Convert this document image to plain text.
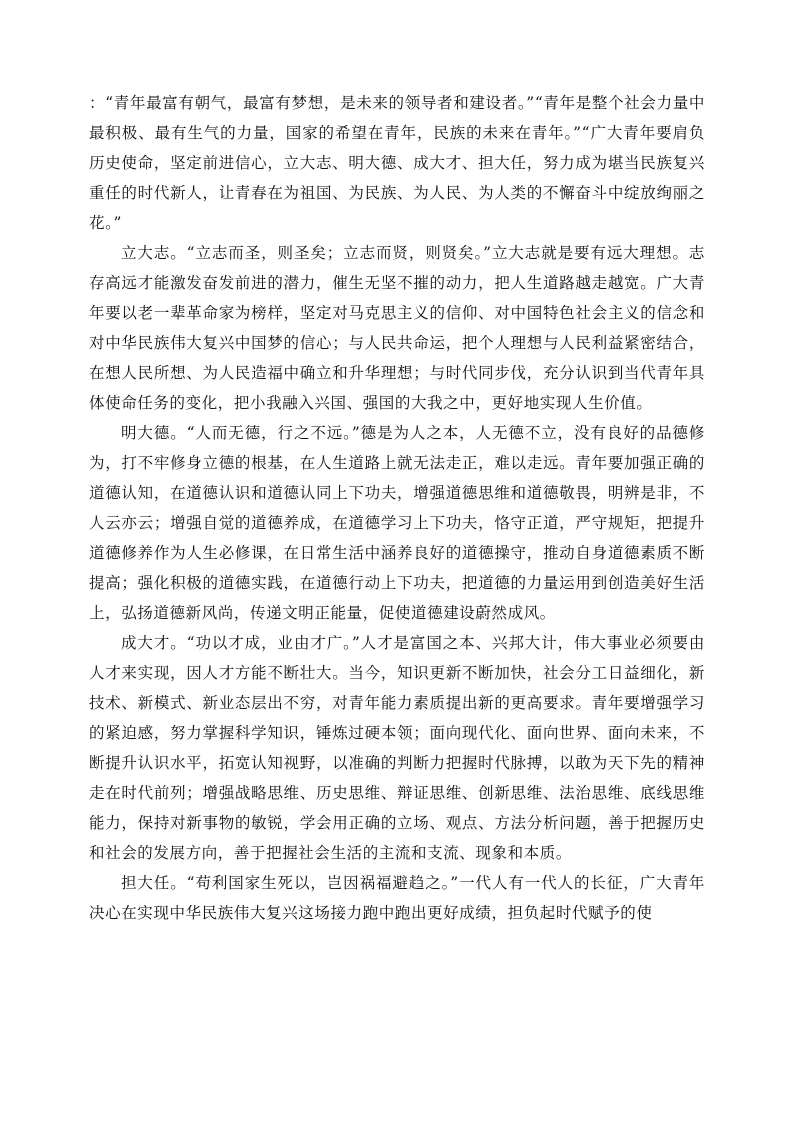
：“青年最富有朝气，最富有梦想，是未来的领导者和建设者。”“青年是整个社会力量中最积极、最有生气的力量，国家的希望在青年，民族的未来在青年。”“广大青年要肩负历史使命，坚定前进信心，立大志、明大德、成大才、担大任，努力成为堪当民族复兴重任的时代新人，让青春在为祖国、为民族、为人民、为人类的不懈奋斗中绽放绚丽之花。”

立大志。“立志而圣，则圣矣；立志而贤，则贤矣。”立大志就是要有远大理想。志存高远才能激发奋发前进的潜力，催生无坚不摧的动力，把人生道路越走越宽。广大青年要以老一辈革命家为榜样，坚定对马克思主义的信仰、对中国特色社会主义的信念和对中华民族伟大复兴中国梦的信心；与人民共命运，把个人理想与人民利益紧密结合，在想人民所想、为人民造福中确立和升华理想；与时代同步伐，充分认识到当代青年具体使命任务的变化，把小我融入兴国、强国的大我之中，更好地实现人生价值。

明大德。“人而无德，行之不远。”德是为人之本，人无德不立，没有良好的品德修为，打不牢修身立德的根基，在人生道路上就无法走正，难以走远。青年要加强正确的道德认知，在道德认识和道德认同上下功夫，增强道德思维和道德敬畏，明辨是非，不人云亦云；增强自觉的道德养成，在道德学习上下功夫，恪守正道，严守规矩，把提升道德修养作为人生必修课，在日常生活中涵养良好的道德操守，推动自身道德素质不断提高；强化积极的道德实践，在道德行动上下功夫，把道德的力量运用到创造美好生活上，弘扬道德新风尚，传递文明正能量，促使道德建设蔚然成风。

成大才。“功以才成，业由才广。”人才是富国之本、兴邦大计，伟大事业必须要由人才来实现，因人才方能不断壮大。当今，知识更新不断加快，社会分工日益细化，新技术、新模式、新业态层出不穷，对青年能力素质提出新的更高要求。青年要增强学习的紧迫感，努力掌握科学知识，锤炼过硬本领；面向现代化、面向世界、面向未来，不断提升认识水平，拓宽认知视野，以准确的判断力把握时代脉搏，以敢为天下先的精神走在时代前列；增强战略思维、历史思维、辩证思维、创新思维、法治思维、底线思维能力，保持对新事物的敏锐，学会用正确的立场、观点、方法分析问题，善于把握历史和社会的发展方向，善于把握社会生活的主流和支流、现象和本质。

担大任。“苟利国家生死以，岂因祸福避趋之。”一代人有一代人的长征，广大青年决心在实现中华民族伟大复兴这场接力跑中跑出更好成绩，担负起时代赋予的使
